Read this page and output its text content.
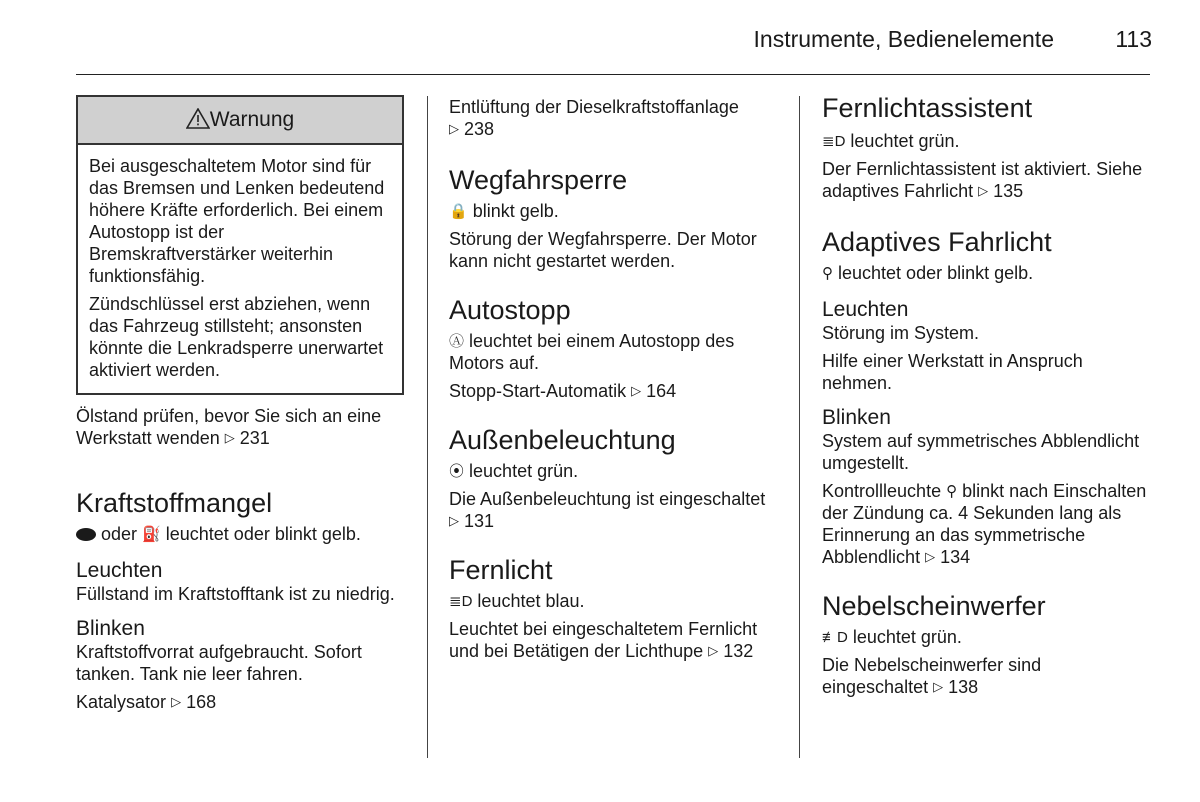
Instrumente, Bedienelemente	113
Warnung

Bei ausgeschaltetem Motor sind für das Bremsen und Lenken bedeutend höhere Kräfte erforderlich. Bei einem Autostopp ist der Bremskraftverstärker weiterhin funktionsfähig.

Zündschlüssel erst abziehen, wenn das Fahrzeug stillsteht; ansonsten könnte die Lenkradsperre unerwartet aktiviert werden.

Ölstand prüfen, bevor Sie sich an eine Werkstatt wenden ▷ 231

Kraftstoffmangel

oder ⛽ leuchtet oder blinkt gelb.

Leuchten

Füllstand im Kraftstofftank ist zu niedrig.

Blinken

Kraftstoffvorrat aufgebraucht. Sofort tanken. Tank nie leer fahren.

Katalysator ▷ 168

Entlüftung der Dieselkraftstoffanlage
▷ 238

Wegfahrsperre

🔒 blinkt gelb.

Störung der Wegfahrsperre. Der Motor kann nicht gestartet werden.

Autostopp

Ⓐ leuchtet bei einem Autostopp des Motors auf.

Stopp-Start-Automatik ▷ 164

Außenbeleuchtung

⦿ leuchtet grün.

Die Außenbeleuchtung ist eingeschaltet ▷ 131

Fernlicht

≣D leuchtet blau.

Leuchtet bei eingeschaltetem Fernlicht und bei Betätigen der Lichthupe ▷ 132

Fernlichtassistent

≣D leuchtet grün.

Der Fernlichtassistent ist aktiviert. Siehe adaptives Fahrlicht ▷ 135

Adaptives Fahrlicht

⚲ leuchtet oder blinkt gelb.

Leuchten

Störung im System.

Hilfe einer Werkstatt in Anspruch nehmen.

Blinken

System auf symmetrisches Abblendlicht umgestellt.

Kontrollleuchte ⚲ blinkt nach Einschalten der Zündung ca. 4 Sekunden lang als Erinnerung an das symmetrische Abblendlicht ▷ 134

Nebelscheinwerfer

≢D leuchtet grün.

Die Nebelscheinwerfer sind eingeschaltet ▷ 138
